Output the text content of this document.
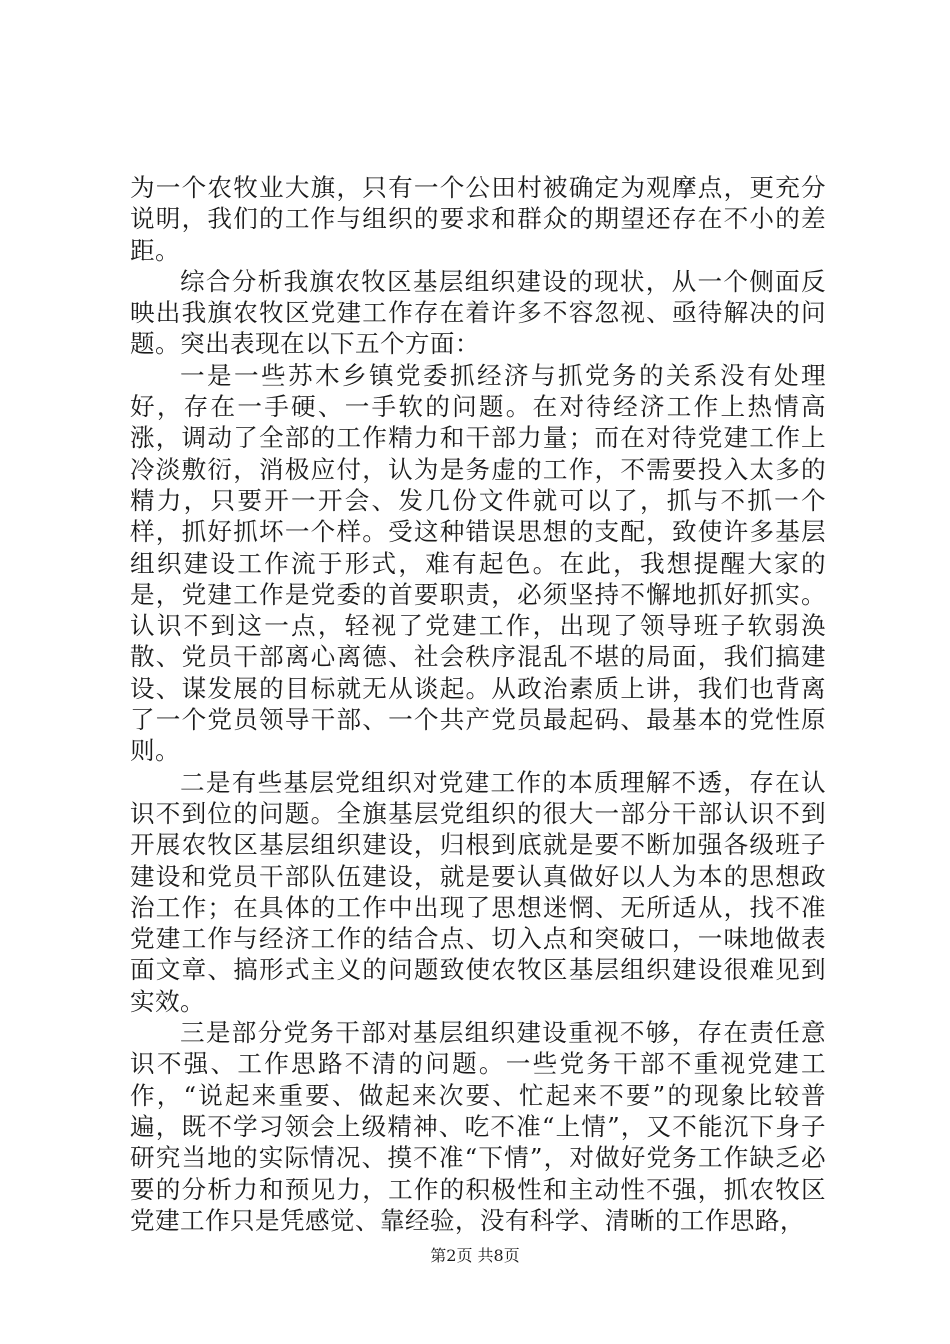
为一个农牧业大旗，只有一个公田村被确定为观摩点，更充分说明，我们的工作与组织的要求和群众的期望还存在不小的差距。

综合分析我旗农牧区基层组织建设的现状，从一个侧面反映出我旗农牧区党建工作存在着许多不容忽视、亟待解决的问题。突出表现在以下五个方面：

一是一些苏木乡镇党委抓经济与抓党务的关系没有处理好，存在一手硬、一手软的问题。在对待经济工作上热情高涨，调动了全部的工作精力和干部力量；而在对待党建工作上冷淡敷衍，消极应付，认为是务虚的工作，不需要投入太多的精力，只要开一开会、发几份文件就可以了，抓与不抓一个样，抓好抓坏一个样。受这种错误思想的支配，致使许多基层组织建设工作流于形式，难有起色。在此，我想提醒大家的是，党建工作是党委的首要职责，必须坚持不懈地抓好抓实。认识不到这一点，轻视了党建工作，出现了领导班子软弱涣散、党员干部离心离德、社会秩序混乱不堪的局面，我们搞建设、谋发展的目标就无从谈起。从政治素质上讲，我们也背离了一个党员领导干部、一个共产党员最起码、最基本的党性原则。

二是有些基层党组织对党建工作的本质理解不透，存在认识不到位的问题。全旗基层党组织的很大一部分干部认识不到开展农牧区基层组织建设，归根到底就是要不断加强各级班子建设和党员干部队伍建设，就是要认真做好以人为本的思想政治工作；在具体的工作中出现了思想迷惘、无所适从，找不准党建工作与经济工作的结合点、切入点和突破口，一味地做表面文章、搞形式主义的问题致使农牧区基层组织建设很难见到实效。

三是部分党务干部对基层组织建设重视不够，存在责任意识不强、工作思路不清的问题。一些党务干部不重视党建工作，“说起来重要、做起来次要、忙起来不要”的现象比较普遍，既不学习领会上级精神、吃不准“上情”，又不能沉下身子研究当地的实际情况、摸不准“下情”，对做好党务工作缺乏必要的分析力和预见力，工作的积极性和主动性不强，抓农牧区党建工作只是凭感觉、靠经验，没有科学、清晰的工作思路，

第2页 共8页
